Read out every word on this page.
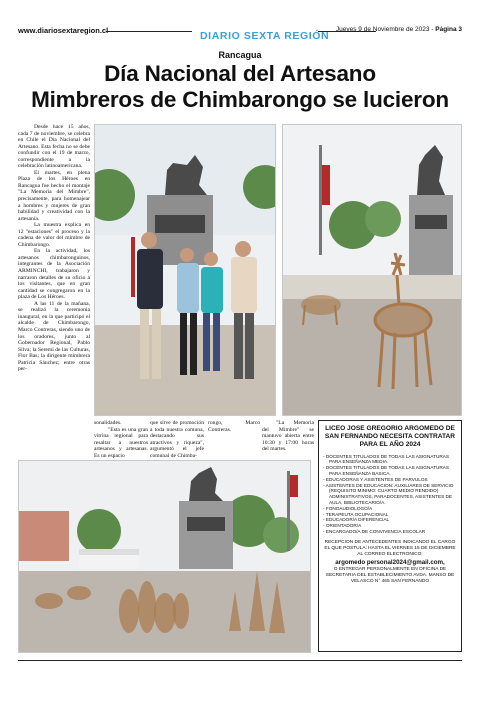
www.diariosextaregion.cl	DIARIO SEXTA REGIÓN
Jueves 9 de Noviembre de 2023 - Página 3
Rancagua
Día Nacional del Artesano
Mimbreros de Chimbarongo se lucieron

Desde hace 15 años, cada 7 de noviembre, se celebra en Chile el Día Nacional del Artesano. Esta fecha no se debe confundir con el 19 de marzo, correspondiente a la celebración latinoamericana.

El martes, en plena Plaza de los Héroes en Rancagua fue hecho el montaje "La Memoria del Mimbre", precisamente, para homenajear a hombres y mujeres de gran habilidad y creatividad con la artesanía.

La muestra explica en 12 "estaciones" el proceso y la cadena de valor del mimbre de Chimbarongo.

En la actividad, los artesanos chimbaronguinos, integrantes de la Asociación ARMINCHI, trabajaron y narraron detalles de su oficio a los visitantes, que en gran cantidad se congregaron en la plaza de Los Héroes.

A las 11 de la mañana, se realizó la ceremonia inaugural, en la que participó el alcalde de Chimbarongo, Marco Contreras, siendo uno de los oradores, junto al Gobernador Regional, Pablo Silva; la Seremi de las Culturas, Flor Bas; la dirigente mimbrera Patricia Sánchez; entre otras per-

sonalidades.

"Esta es una gran vitrina regional para resaltar a nuestros artesanos y artesanas. Es un espacio

que sirve de promoción a toda nuestra comuna, destacando sus atractivos y riqueza", argumentó el jefe comunal de Chimba-

rongo, Marco Contreras.

"La Memoria del Mimbre" se mantuvo abierta entre 10:30 y 17:00 horas del martes.

LICEO JOSE GREGORIO ARGOMEDO DE SAN FERNANDO NECESITA CONTRATAR PARA EL AÑO 2024
- DOCENTES TITULADOS DE TODAS LAS ASIGNATURAS PARA ENSEÑANZA MEDIA.
- DOCENTES TITULADOS DE TODAS LAS ASIGNATURAS PARA ENSEÑANZA BASICA.
- EDUCADORAS Y ASISTENTES DE PARVULOS
- ASISTENTES DE EDUCACION: AUXILIARES DE SERVICIO (REQUISITO MINIMO: CUARTO MEDIO RENDIDO) ADMINISTRATIVOS, PARADOCENTES, ASISTENTES DE AULA, BIBLIOTECARIO/A.
- FONOAUDIOLOGO/A
- TERAPEUTA OCUPACIONAL
- EDUCADOR/A DIFERENCIAL
- ORIENTADOR/A
- ENCARGADO/A DE CONVIVENCIA ESCOLAR
RECEPCION DE ANTECEDENTES INDICANDO EL CARGO EL QUE POSTULA: HASTA EL VIERNES 15 DE DICIEMBRE AL CORREO ELECTRONICO:
argomedo personal2024@gmail.com,
O ENTREGAR PERSONALMENTE EN OFICINA DE SECRETARIA DEL ESTABLECIMIENTO AVDA. MANSO DE VELASCO N° 465 SAN FERNANDO
